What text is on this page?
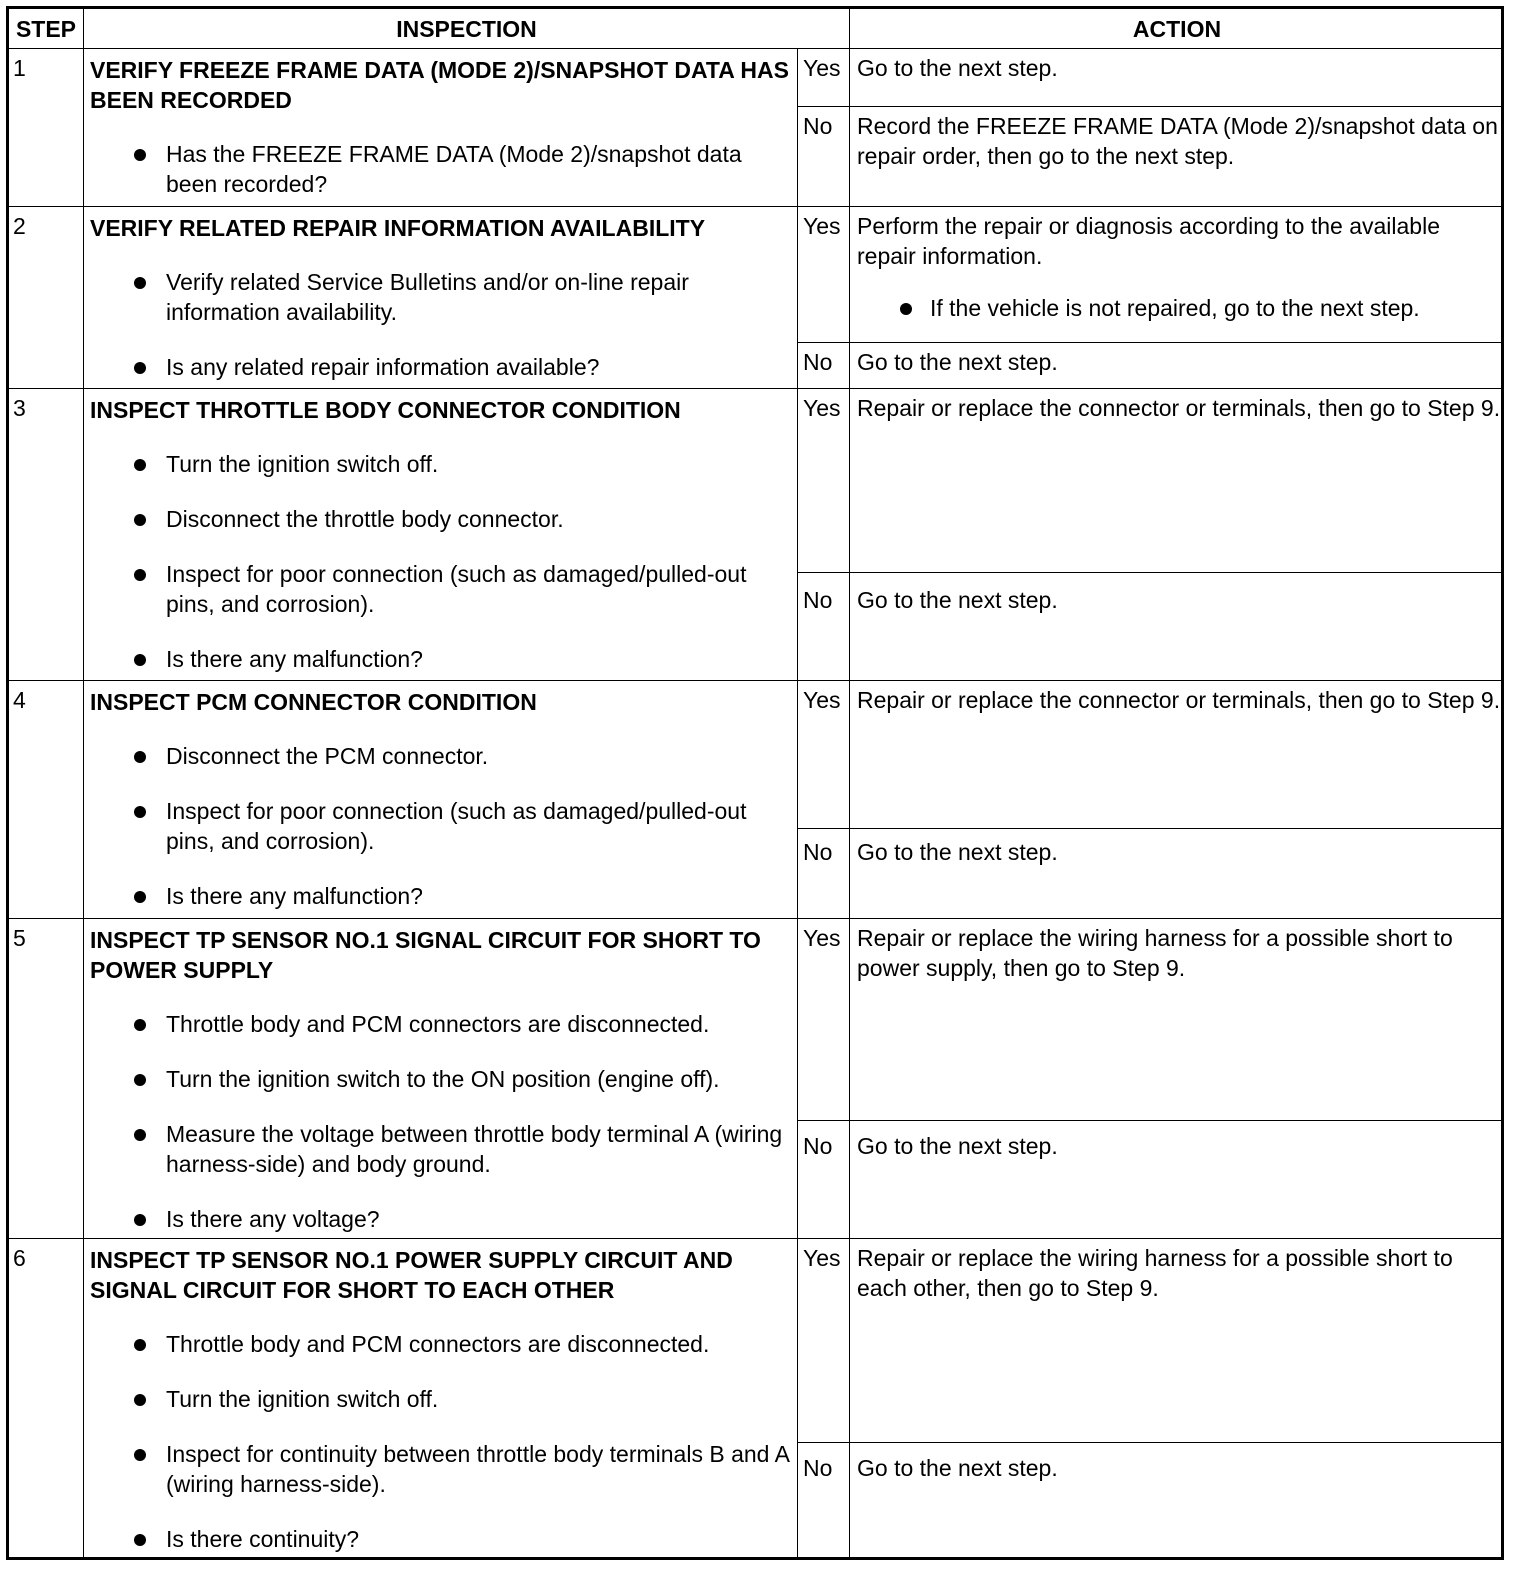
STEP	INSPECTION	ACTION
1	VERIFY FREEZE FRAME DATA (MODE 2)/SNAPSHOT DATA HAS BEEN RECORDED
Has the FREEZE FRAME DATA (Mode 2)/snapshot data been recorded?
Yes Go to the next step.
No	Record the FREEZE FRAME DATA (Mode 2)/snapshot data on repair order, then go to the next step.
2	VERIFY RELATED REPAIR INFORMATION AVAILABILITY
Verify related Service Bulletins and/or on-line repair information availability.
Is any related repair information available?
Yes Perform the repair or diagnosis according to the available repair information.
If the vehicle is not repaired, go to the next step.
No	Go to the next step.
3	INSPECT THROTTLE BODY CONNECTOR CONDITION
Turn the ignition switch off.
Disconnect the throttle body connector.
Inspect for poor connection (such as damaged/pulled-out pins, and corrosion).
Is there any malfunction?
Yes Repair or replace the connector or terminals, then go to Step 9.
No	Go to the next step.
4	INSPECT PCM CONNECTOR CONDITION
Disconnect the PCM connector.
Inspect for poor connection (such as damaged/pulled-out pins, and corrosion).
Is there any malfunction?
Yes Repair or replace the connector or terminals, then go to Step 9.
No	Go to the next step.
5	INSPECT TP SENSOR NO.1 SIGNAL CIRCUIT FOR SHORT TO POWER SUPPLY
Throttle body and PCM connectors are disconnected.
Turn the ignition switch to the ON position (engine off).
Measure the voltage between throttle body terminal A (wiring harness-side) and body ground.
Is there any voltage?
Yes Repair or replace the wiring harness for a possible short to power supply, then go to Step 9.
No	Go to the next step.
6	INSPECT TP SENSOR NO.1 POWER SUPPLY CIRCUIT AND SIGNAL CIRCUIT FOR SHORT TO EACH OTHER
Throttle body and PCM connectors are disconnected.
Turn the ignition switch off.
Inspect for continuity between throttle body terminals B and A (wiring harness-side).
Is there continuity?
Yes Repair or replace the wiring harness for a possible short to each other, then go to Step 9.
No	Go to the next step.
